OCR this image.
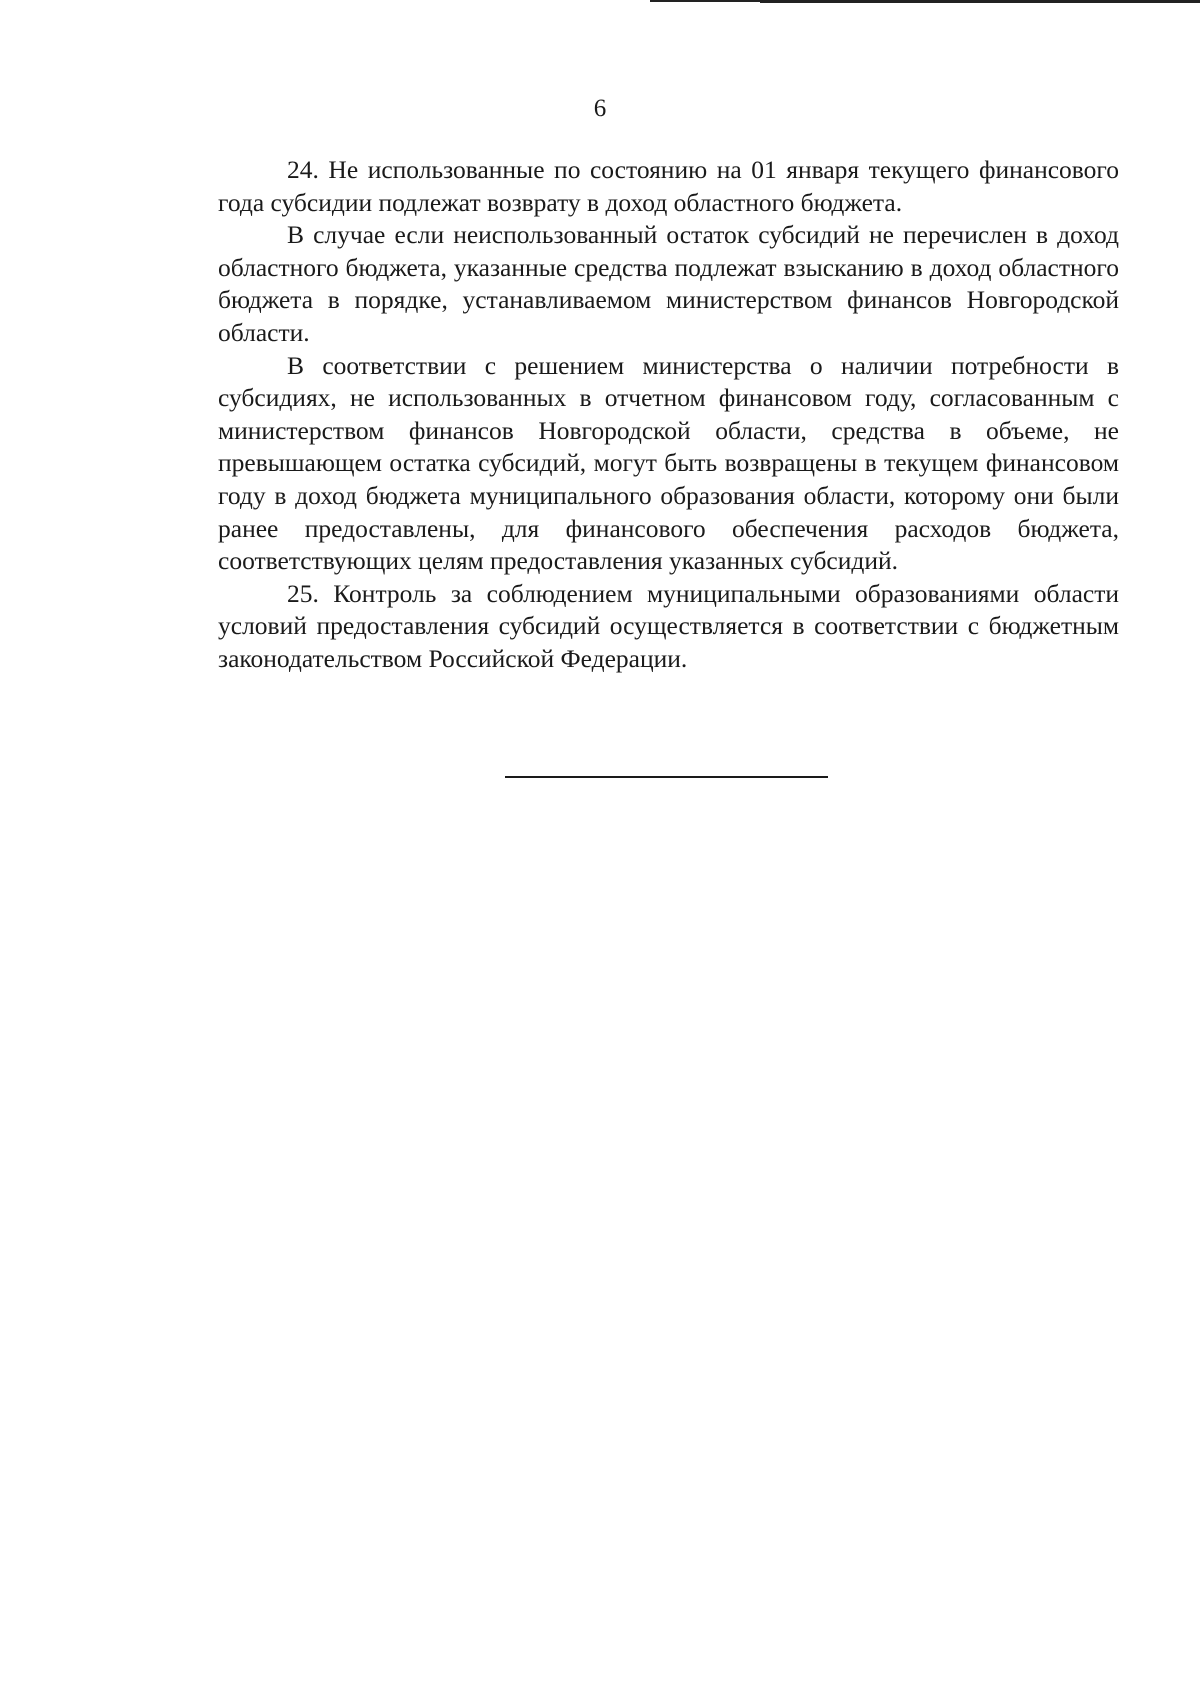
6

24. Не использованные по состоянию на 01 января текущего финансового года субсидии подлежат возврату в доход областного бюджета.

В случае если неиспользованный остаток субсидий не перечислен в доход областного бюджета, указанные средства подлежат взысканию в доход областного бюджета в порядке, устанавливаемом министерством финансов Новгородской области.

В соответствии с решением министерства о наличии потребности в субсидиях, не использованных в отчетном финансовом году, согласованным с министерством финансов Новгородской области, средства в объеме, не превышающем остатка субсидий, могут быть возвращены в текущем финансовом году в доход бюджета муниципального образования области, которому они были ранее предоставлены, для финансового обеспечения расходов бюджета, соответствующих целям предоставления указанных субсидий.

25. Контроль за соблюдением муниципальными образованиями области условий предоставления субсидий осуществляется в соответствии с бюджетным законодательством Российской Федерации.
